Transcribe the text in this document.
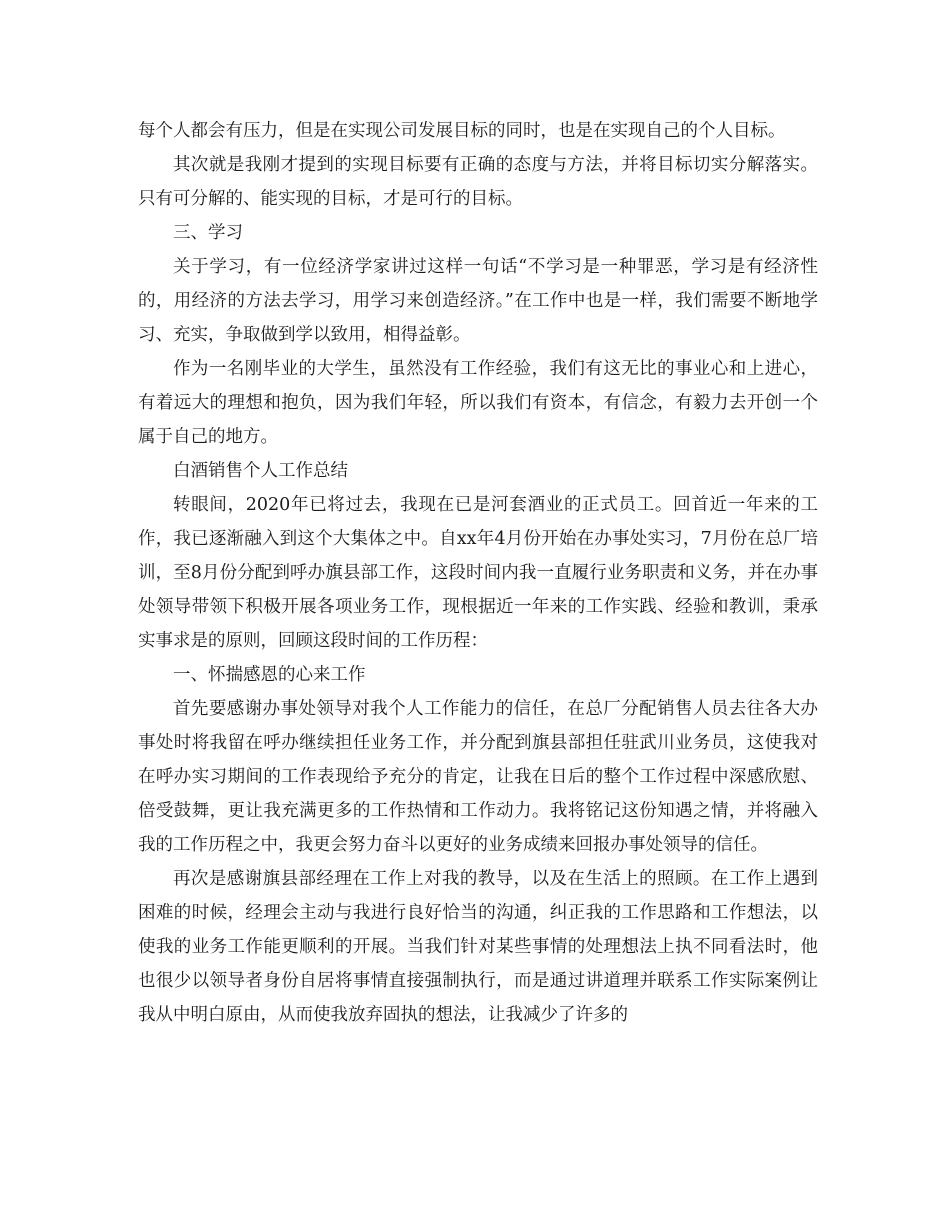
每个人都会有压力，但是在实现公司发展目标的同时，也是在实现自己的个人目标。

其次就是我刚才提到的实现目标要有正确的态度与方法，并将目标切实分解落实。只有可分解的、能实现的目标，才是可行的目标。

三、学习

关于学习，有一位经济学家讲过这样一句话“不学习是一种罪恶，学习是有经济性的，用经济的方法去学习，用学习来创造经济。”在工作中也是一样，我们需要不断地学习、充实，争取做到学以致用，相得益彰。

作为一名刚毕业的大学生，虽然没有工作经验，我们有这无比的事业心和上进心，有着远大的理想和抱负，因为我们年轻，所以我们有资本，有信念，有毅力去开创一个属于自己的地方。

白酒销售个人工作总结

转眼间，2020年已将过去，我现在已是河套酒业的正式员工。回首近一年来的工作，我已逐渐融入到这个大集体之中。自xx年4月份开始在办事处实习，7月份在总厂培训，至8月份分配到呼办旗县部工作，这段时间内我一直履行业务职责和义务，并在办事处领导带领下积极开展各项业务工作，现根据近一年来的工作实践、经验和教训，秉承实事求是的原则，回顾这段时间的工作历程：

一、怀揣感恩的心来工作

首先要感谢办事处领导对我个人工作能力的信任，在总厂分配销售人员去往各大办事处时将我留在呼办继续担任业务工作，并分配到旗县部担任驻武川业务员，这使我对在呼办实习期间的工作表现给予充分的肯定，让我在日后的整个工作过程中深感欣慰、倍受鼓舞，更让我充满更多的工作热情和工作动力。我将铭记这份知遇之情，并将融入我的工作历程之中，我更会努力奋斗以更好的业务成绩来回报办事处领导的信任。

再次是感谢旗县部经理在工作上对我的教导，以及在生活上的照顾。在工作上遇到困难的时候，经理会主动与我进行良好恰当的沟通，纠正我的工作思路和工作想法，以使我的业务工作能更顺利的开展。当我们针对某些事情的处理想法上执不同看法时，他也很少以领导者身份自居将事情直接强制执行，而是通过讲道理并联系工作实际案例让我从中明白原由，从而使我放弃固执的想法，让我减少了许多的
